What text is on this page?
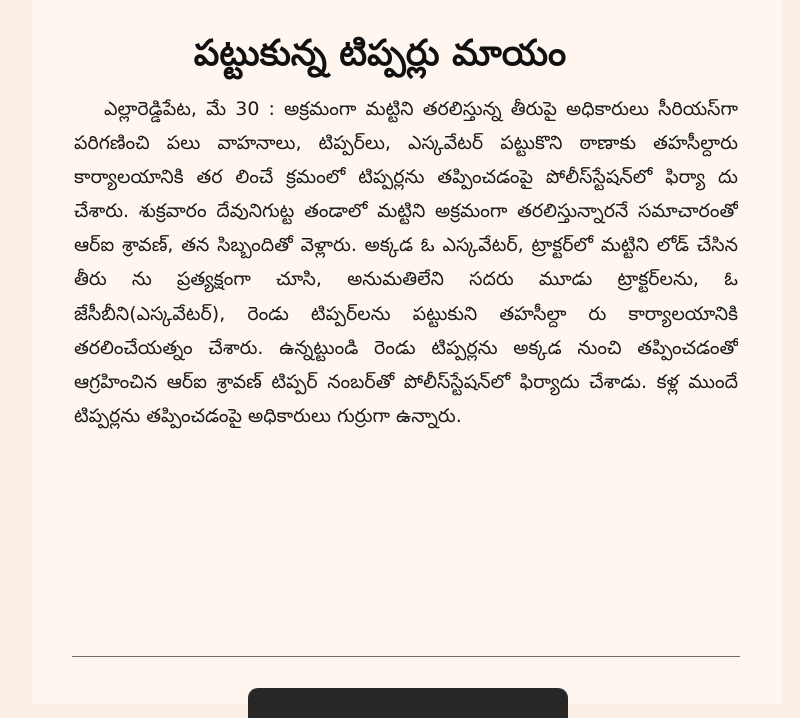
పట్టుకున్న టిప్పర్లు మాయం

ఎల్లారెడ్డిపేట, మే 30 : అక్రమంగా మట్టిని తరలిస్తున్న తీరుపై అధికారులు సీరియస్‌గా పరిగణించి పలు వాహనాలు, టిప్పర్‌లు, ఎస్కవేటర్ పట్టుకొని ఠాణాకు తహసీల్దారు కార్యాలయానికి తర లించే క్రమంలో టిప్పర్లను తప్పించడంపై పోలీస్‌స్టేషన్‌లో ఫిర్యా దు చేశారు. శుక్రవారం దేవునిగుట్ట తండాలో మట్టిని అక్రమంగా తరలిస్తున్నారనే సమాచారంతో ఆర్ఐ శ్రావణ్, తన సిబ్బందితో వెళ్లారు. అక్కడ ఓ ఎస్కవేటర్, ట్రాక్టర్‌లో మట్టిని లోడ్ చేసిన తీరు ను ప్రత్యక్షంగా చూసి, అనుమతిలేని సదరు మూడు ట్రాక్టర్‌లను, ఓ జేసీబీని(ఎస్కవేటర్), రెండు టిప్పర్‌లను పట్టుకుని తహసీల్దా రు కార్యాలయానికి తరలించేయత్నం చేశారు. ఉన్నట్టుండి రెండు టిప్పర్లను అక్కడ నుంచి తప్పించడంతో ఆగ్రహించిన ఆర్ఐ శ్రావణ్ టిప్పర్ నంబర్‌తో పోలీస్‌స్టేషన్‌లో ఫిర్యాదు చేశాడు. కళ్ల ముందే టిప్పర్లను తప్పించడంపై అధికారులు గుర్రుగా ఉన్నారు.
